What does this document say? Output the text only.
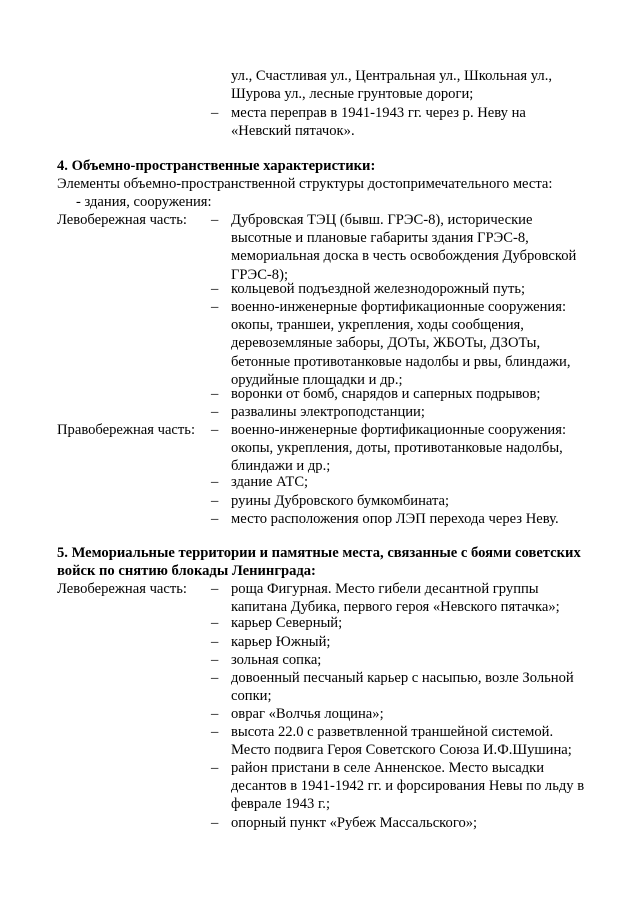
ул., Счастливая ул., Центральная ул., Школьная ул.,
Шурова ул., лесные грунтовые дороги;
– места переправ в 1941-1943 гг. через р. Неву на
«Невский пятачок».
4. Объемно-пространственные характеристики:
Элементы объемно-пространственной структуры достопримечательного места:
- здания, сооружения:
Левобережная часть:	– Дубровская ТЭЦ (бывш. ГРЭС-8), исторические
высотные и плановые габариты здания ГРЭС-8,
мемориальная доска в честь освобождения Дубровской
ГРЭС-8);
– кольцевой подъездной железнодорожный путь;
– военно-инженерные фортификационные сооружения:
окопы, траншеи, укрепления, ходы сообщения,
деревоземляные заборы, ДОТы, ЖБОТы, ДЗОТы,
бетонные противотанковые надолбы и рвы, блиндажи,
орудийные площадки и др.;
– воронки от бомб, снарядов и саперных подрывов;
– развалины электроподстанции;
Правобережная часть:	– военно-инженерные фортификационные сооружения:
окопы, укрепления, доты, противотанковые надолбы,
блиндажи и др.;
– здание АТС;
– руины Дубровского бумкомбината;
– место расположения опор ЛЭП перехода через Неву.
5. Мемориальные территории и памятные места, связанные с боями советских
войск по снятию блокады Ленинграда:
Левобережная часть:	– роща Фигурная. Место гибели десантной группы
капитана Дубика, первого героя «Невского пятачка»;
– карьер Северный;
– карьер Южный;
– зольная сопка;
– довоенный песчаный карьер с насыпью, возле Зольной
сопки;
– овраг «Волчья лощина»;
– высота 22.0 с разветвленной траншейной системой.
Место подвига Героя Советского Союза И.Ф.Шушина;
– район пристани в селе Анненское. Место высадки
десантов в 1941-1942 гг. и форсирования Невы по льду в
феврале 1943 г.;
– опорный пункт «Рубеж Массальского»;
